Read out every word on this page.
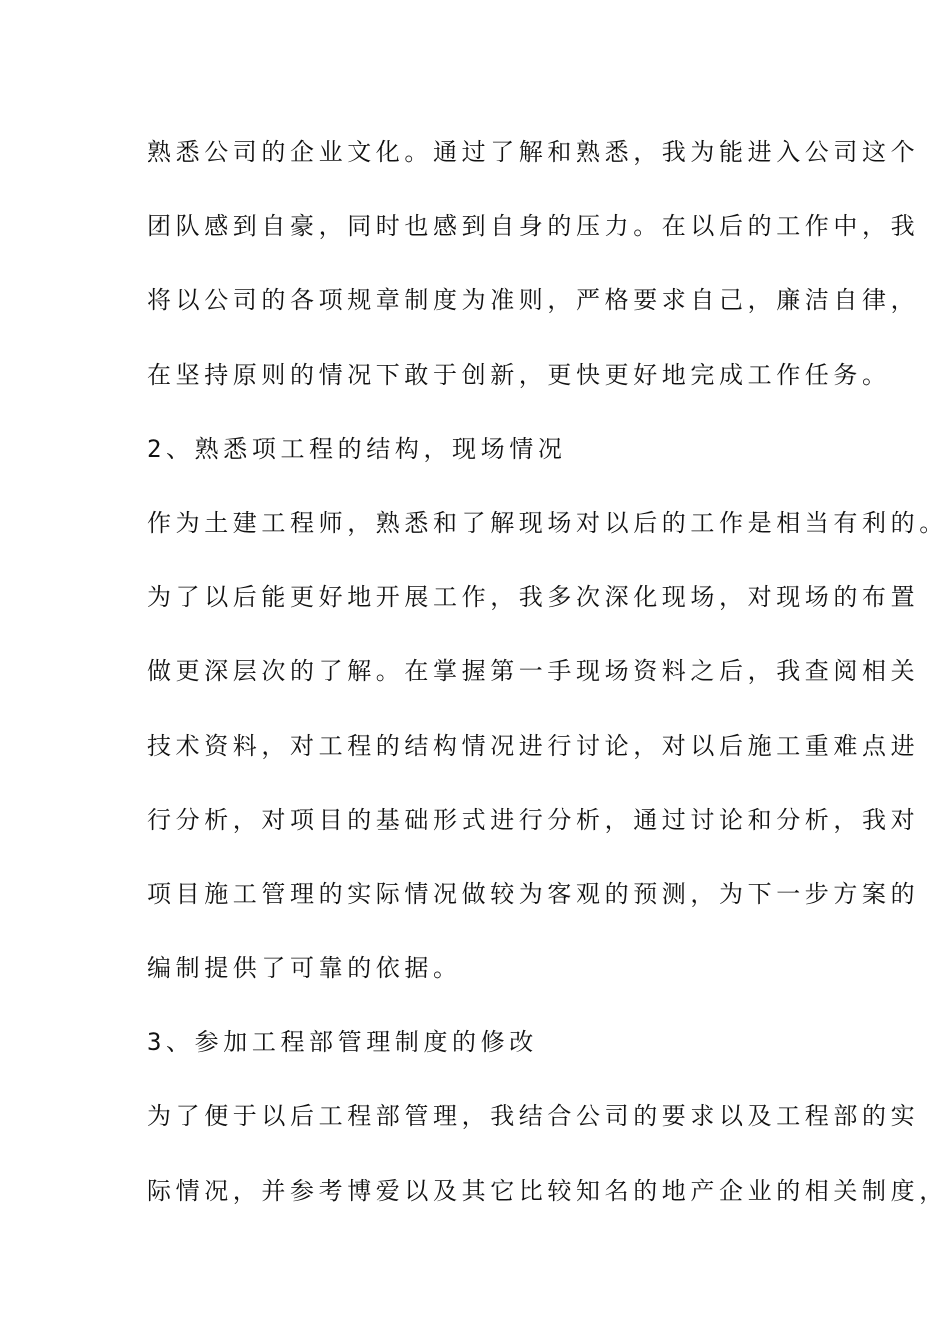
熟悉公司的企业文化。通过了解和熟悉，我为能进入公司这个
团队感到自豪，同时也感到自身的压力。在以后的工作中，我
将以公司的各项规章制度为准则，严格要求自己，廉洁自律，
在坚持原则的情况下敢于创新，更快更好地完成工作任务。
2、熟悉项工程的结构，现场情况
作为土建工程师，熟悉和了解现场对以后的工作是相当有利的。
为了以后能更好地开展工作，我多次深化现场，对现场的布置
做更深层次的了解。在掌握第一手现场资料之后，我查阅相关
技术资料，对工程的结构情况进行讨论，对以后施工重难点进
行分析，对项目的基础形式进行分析，通过讨论和分析，我对
项目施工管理的实际情况做较为客观的预测，为下一步方案的
编制提供了可靠的依据。
3、参加工程部管理制度的修改
为了便于以后工程部管理，我结合公司的要求以及工程部的实
际情况，并参考博爱以及其它比较知名的地产企业的相关制度，
